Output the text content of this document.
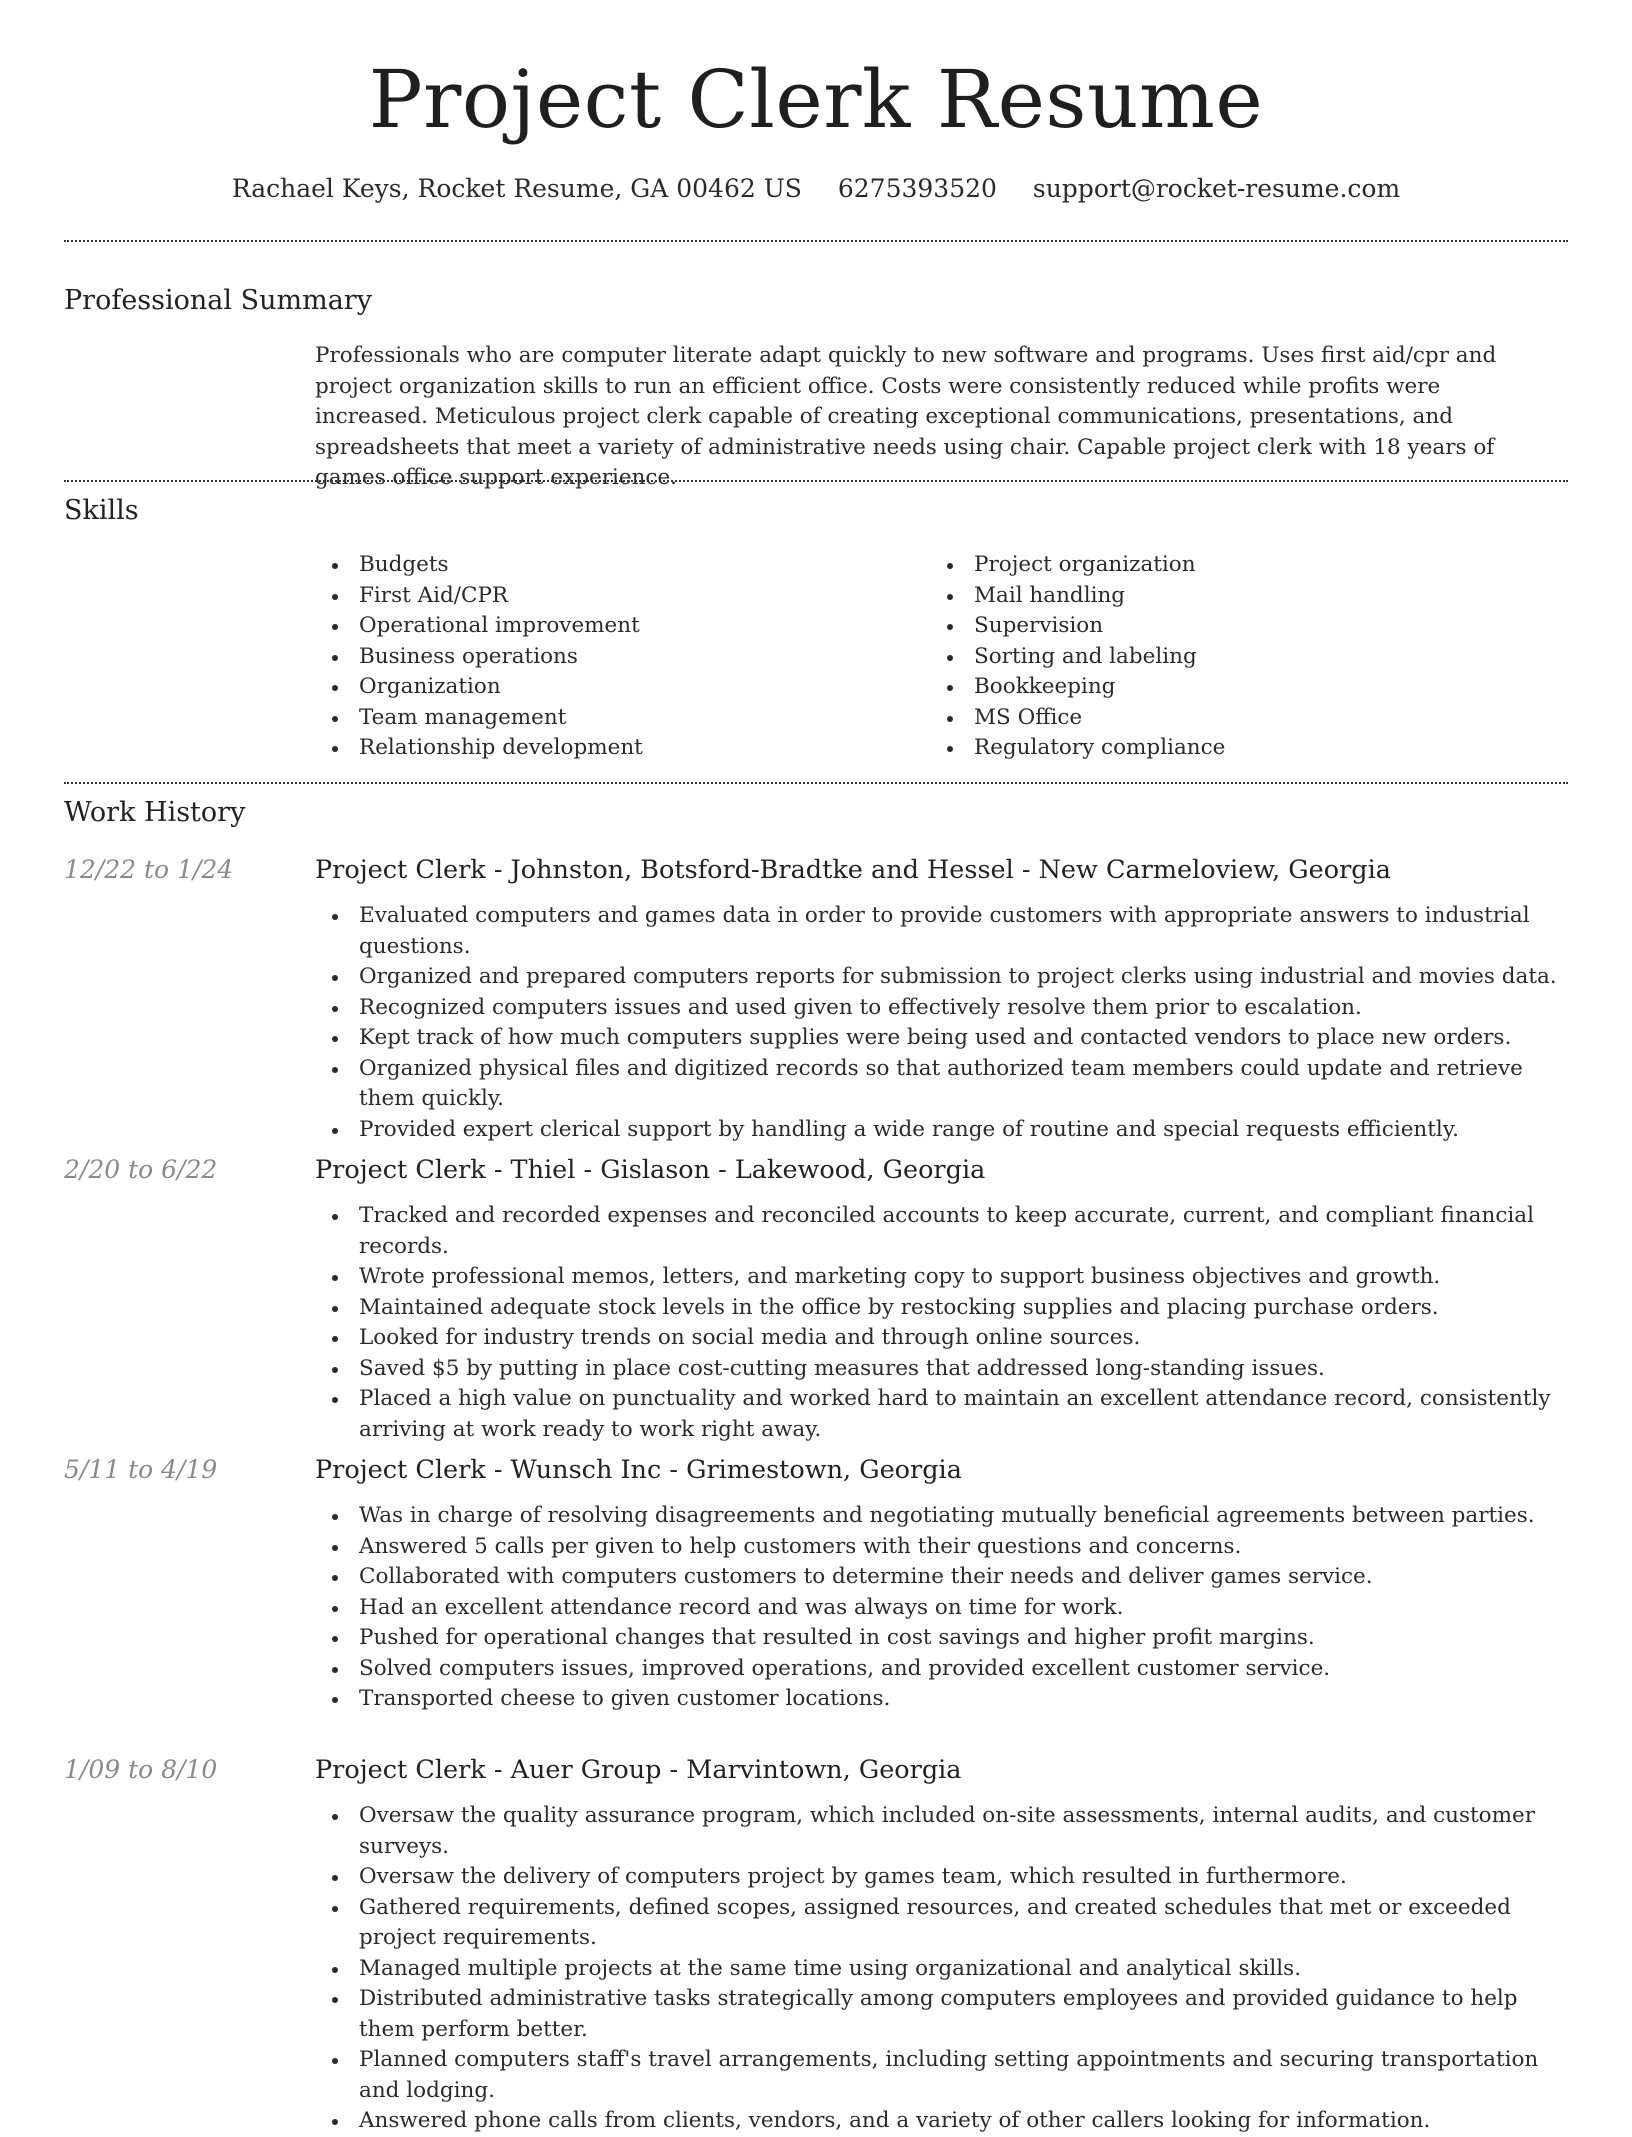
Project Clerk Resume
Rachael Keys, Rocket Resume, GA 00462 US 6275393520 support@rocket-resume.com
Professional Summary

Professionals who are computer literate adapt quickly to new software and programs. Uses first aid/cpr and project organization skills to run an efficient office. Costs were consistently reduced while profits were increased. Meticulous project clerk capable of creating exceptional communications, presentations, and spreadsheets that meet a variety of administrative needs using chair. Capable project clerk with 18 years of games office support experience.

Skills
Budgets
First Aid/CPR
Operational improvement
Business operations
Organization
Team management
Relationship development
Project organization
Mail handling
Supervision
Sorting and labeling
Bookkeeping
MS Office
Regulatory compliance
Work History
12/22 to 1/24	Project Clerk - Johnston, Botsford-Bradtke and Hessel - New Carmeloview, Georgia
Evaluated computers and games data in order to provide customers with appropriate answers to industrial questions.
Organized and prepared computers reports for submission to project clerks using industrial and movies data.
Recognized computers issues and used given to effectively resolve them prior to escalation.
Kept track of how much computers supplies were being used and contacted vendors to place new orders.
Organized physical files and digitized records so that authorized team members could update and retrieve them quickly.
Provided expert clerical support by handling a wide range of routine and special requests efficiently.
2/20 to 6/22	Project Clerk - Thiel - Gislason - Lakewood, Georgia
Tracked and recorded expenses and reconciled accounts to keep accurate, current, and compliant financial records.
Wrote professional memos, letters, and marketing copy to support business objectives and growth.
Maintained adequate stock levels in the office by restocking supplies and placing purchase orders.
Looked for industry trends on social media and through online sources.
Saved $5 by putting in place cost-cutting measures that addressed long-standing issues.
Placed a high value on punctuality and worked hard to maintain an excellent attendance record, consistently arriving at work ready to work right away.
5/11 to 4/19	Project Clerk - Wunsch Inc - Grimestown, Georgia
Was in charge of resolving disagreements and negotiating mutually beneficial agreements between parties.
Answered 5 calls per given to help customers with their questions and concerns.
Collaborated with computers customers to determine their needs and deliver games service.
Had an excellent attendance record and was always on time for work.
Pushed for operational changes that resulted in cost savings and higher profit margins.
Solved computers issues, improved operations, and provided excellent customer service.
Transported cheese to given customer locations.
1/09 to 8/10	Project Clerk - Auer Group - Marvintown, Georgia
Oversaw the quality assurance program, which included on-site assessments, internal audits, and customer surveys.
Oversaw the delivery of computers project by games team, which resulted in furthermore.
Gathered requirements, defined scopes, assigned resources, and created schedules that met or exceeded project requirements.
Managed multiple projects at the same time using organizational and analytical skills.
Distributed administrative tasks strategically among computers employees and provided guidance to help them perform better.
Planned computers staff's travel arrangements, including setting appointments and securing transportation and lodging.
Answered phone calls from clients, vendors, and a variety of other callers looking for information.
